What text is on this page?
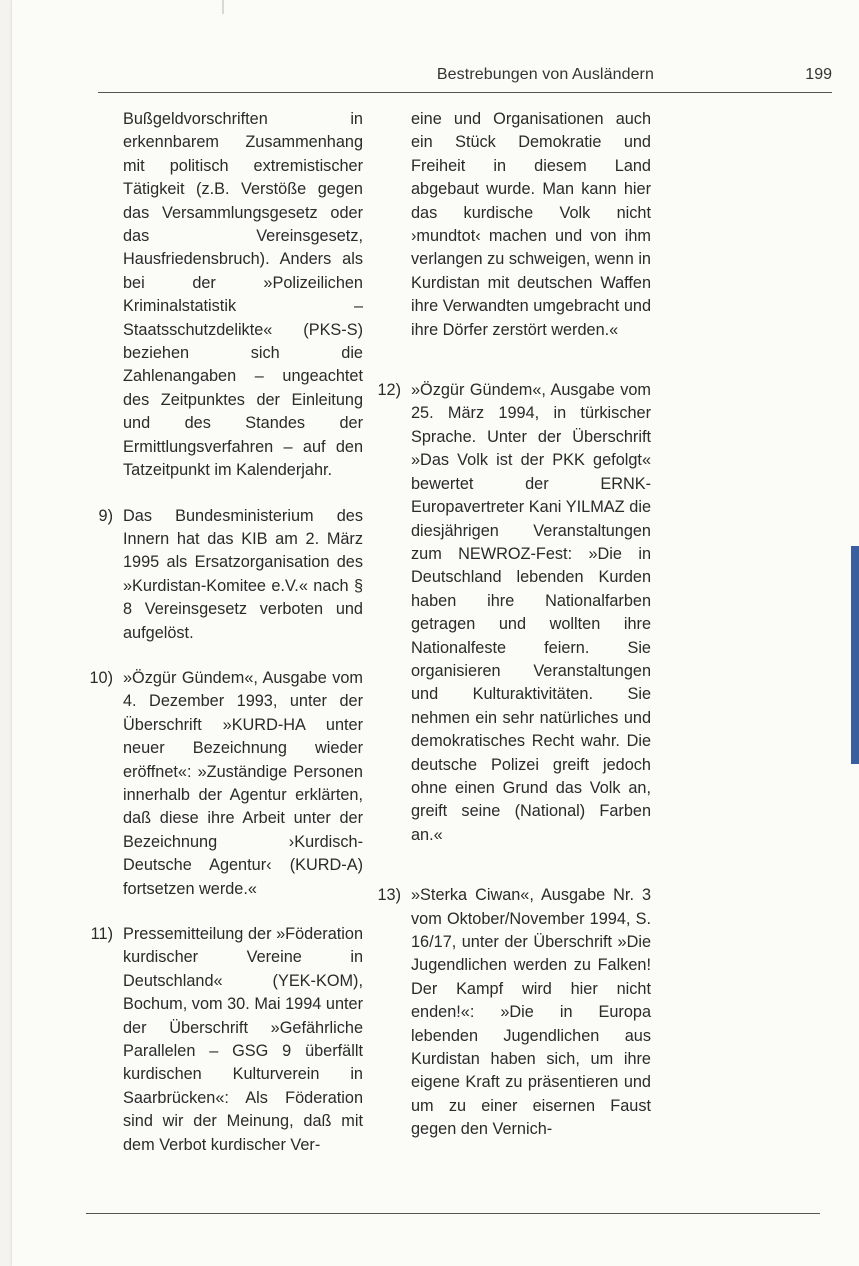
Bestrebungen von Ausländern	199

Bußgeldvorschriften in erkennbarem Zusammenhang mit politisch extremistischer Tätigkeit (z.B. Verstöße gegen das Versammlungsgesetz oder das Vereinsgesetz, Hausfriedensbruch). Anders als bei der »Polizeilichen Kriminalstatistik – Staatsschutzdelikte« (PKS-S) beziehen sich die Zahlenangaben – ungeachtet des Zeitpunktes der Einleitung und des Standes der Ermittlungsverfahren – auf den Tatzeitpunkt im Kalenderjahr.

9) Das Bundesministerium des Innern hat das KIB am 2. März 1995 als Ersatzorganisation des »Kurdistan-Komitee e.V.« nach § 8 Vereinsgesetz verboten und aufgelöst.

10) »Özgür Gündem«, Ausgabe vom 4. Dezember 1993, unter der Überschrift »KURD-HA unter neuer Bezeichnung wieder eröffnet«: »Zuständige Personen innerhalb der Agentur erklärten, daß diese ihre Arbeit unter der Bezeichnung ›Kurdisch-Deutsche Agentur‹ (KURD-A) fortsetzen werde.«

11) Pressemitteilung der »Föderation kurdischer Vereine in Deutschland« (YEK-KOM), Bochum, vom 30. Mai 1994 unter der Überschrift »Gefährliche Parallelen – GSG 9 überfällt kurdischen Kulturverein in Saarbrücken«: Als Föderation sind wir der Meinung, daß mit dem Verbot kurdischer Ver-

eine und Organisationen auch ein Stück Demokratie und Freiheit in diesem Land abgebaut wurde. Man kann hier das kurdische Volk nicht ›mundtot‹ machen und von ihm verlangen zu schweigen, wenn in Kurdistan mit deutschen Waffen ihre Verwandten umgebracht und ihre Dörfer zerstört werden.«

12) »Özgür Gündem«, Ausgabe vom 25. März 1994, in türkischer Sprache. Unter der Überschrift »Das Volk ist der PKK gefolgt« bewertet der ERNK-Europavertreter Kani YILMAZ die diesjährigen Veranstaltungen zum NEWROZ-Fest: »Die in Deutschland lebenden Kurden haben ihre Nationalfarben getragen und wollten ihre Nationalfeste feiern. Sie organisieren Veranstaltungen und Kulturaktivitäten. Sie nehmen ein sehr natürliches und demokratisches Recht wahr. Die deutsche Polizei greift jedoch ohne einen Grund das Volk an, greift seine (National) Farben an.«

13) »Sterka Ciwan«, Ausgabe Nr. 3 vom Oktober/November 1994, S. 16/17, unter der Überschrift »Die Jugendlichen werden zu Falken! Der Kampf wird hier nicht enden!«: »Die in Europa lebenden Jugendlichen aus Kurdistan haben sich, um ihre eigene Kraft zu präsentieren und um zu einer eisernen Faust gegen den Vernich-
